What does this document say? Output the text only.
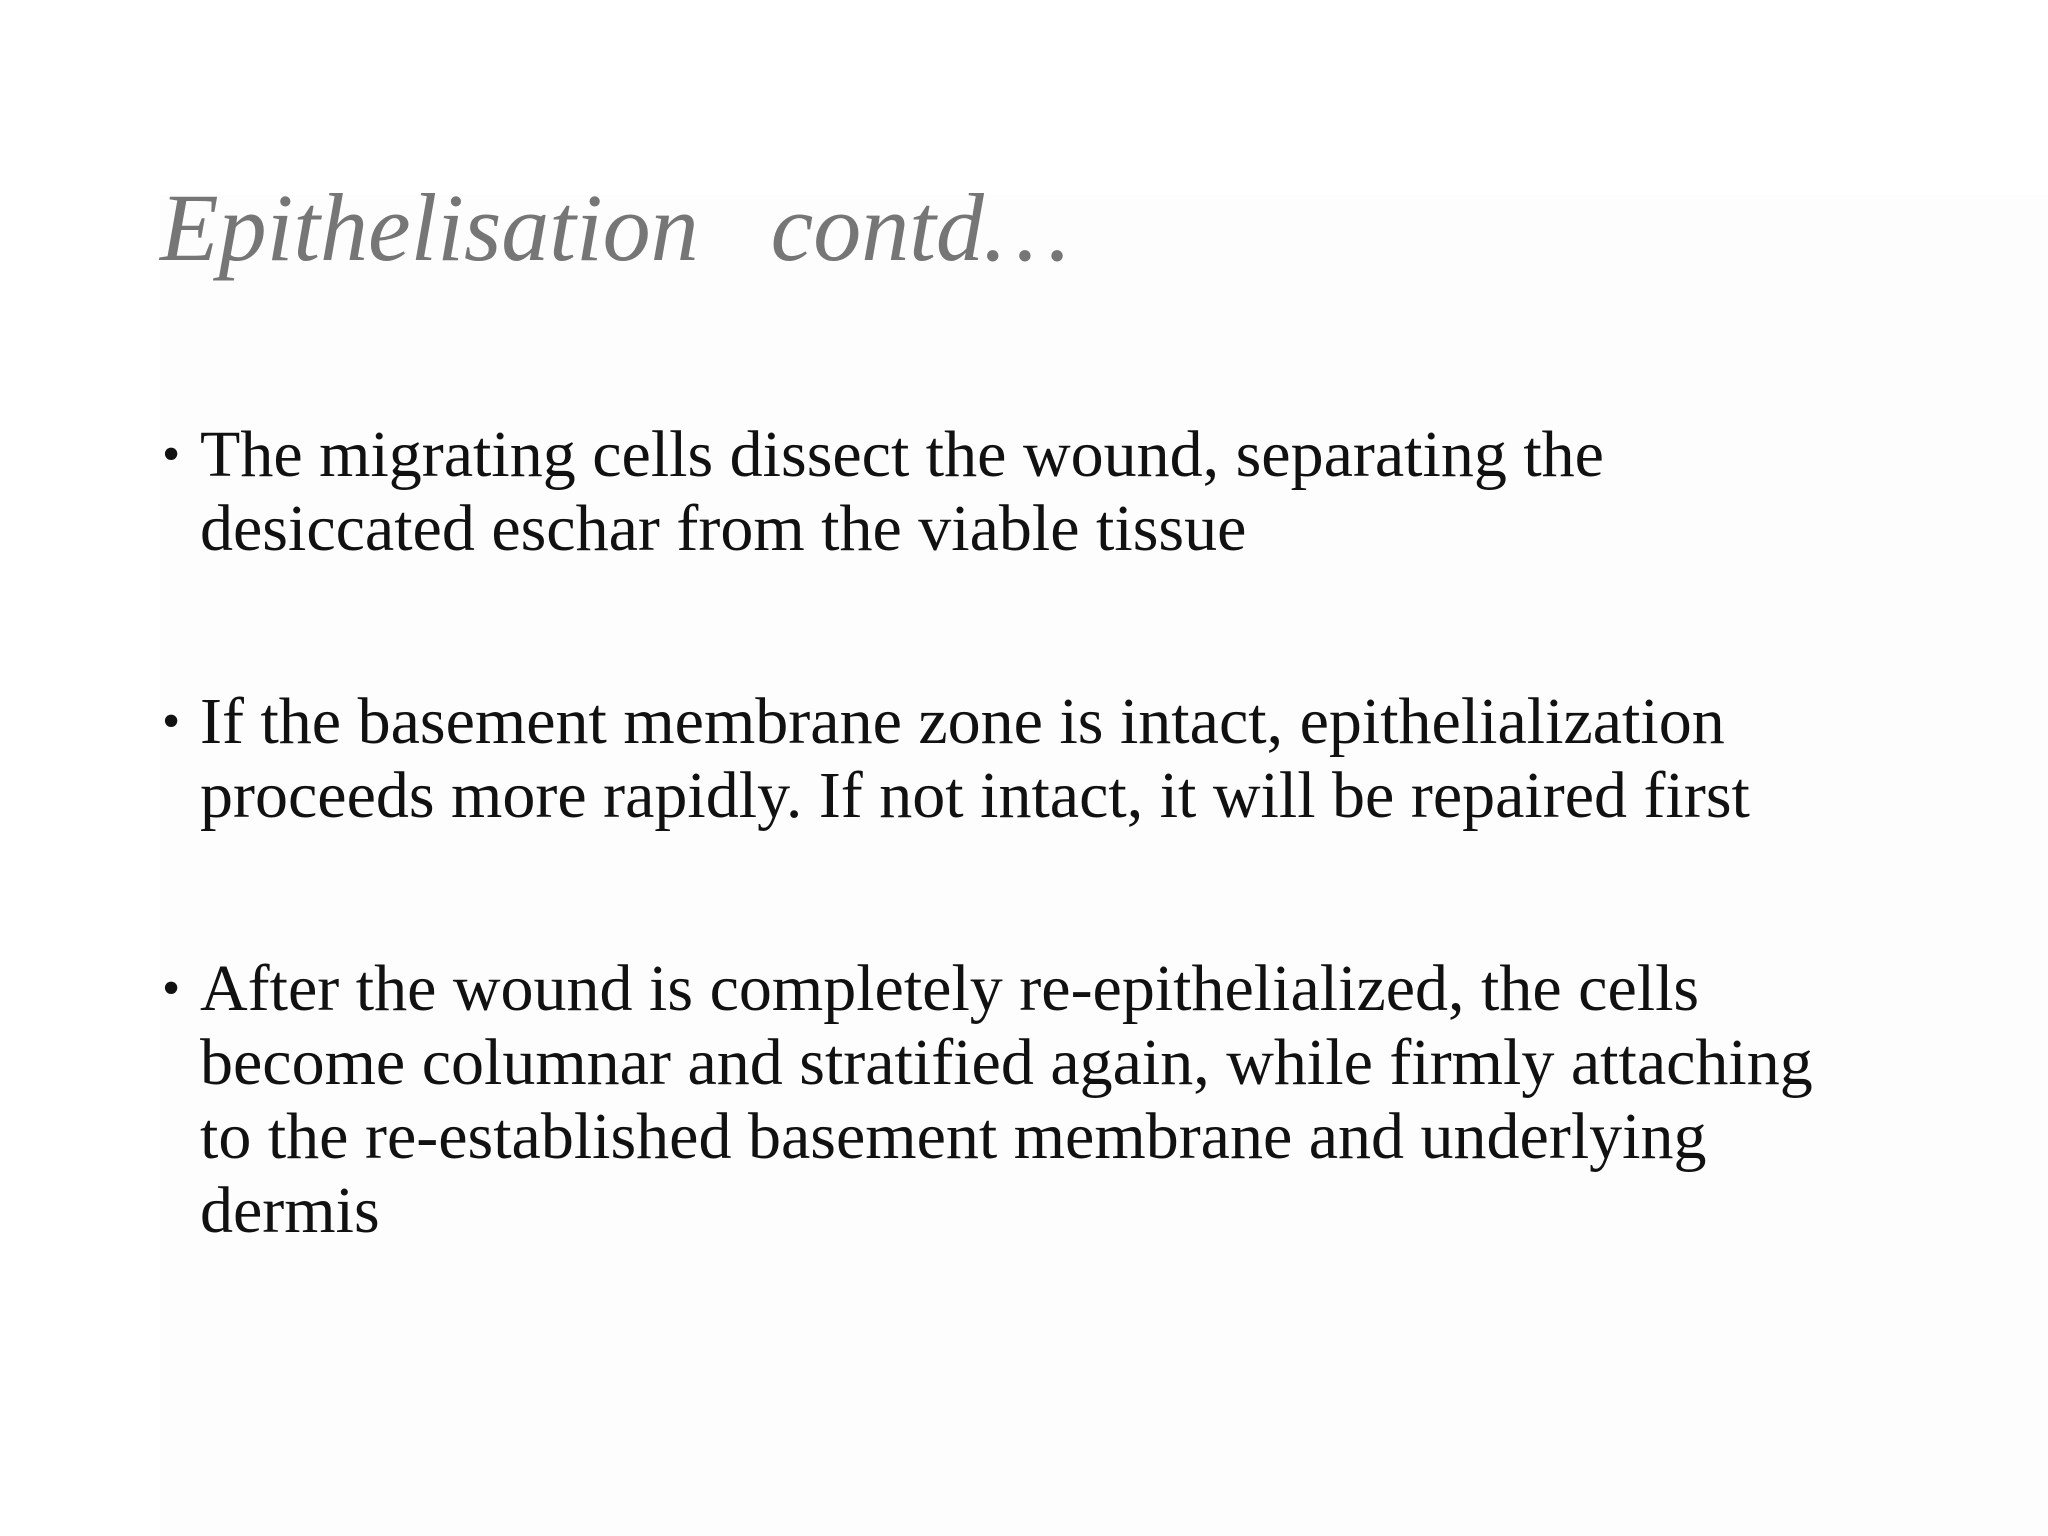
Epithelisation   contd…
• The migrating cells dissect the wound, separating the
desiccated eschar from the viable tissue
• If the basement membrane zone is intact, epithelialization
proceeds more rapidly. If not intact, it will be repaired first
• After the wound is completely re-epithelialized, the cells
become columnar and stratified again, while firmly attaching
to the re-established basement membrane and underlying
dermis
